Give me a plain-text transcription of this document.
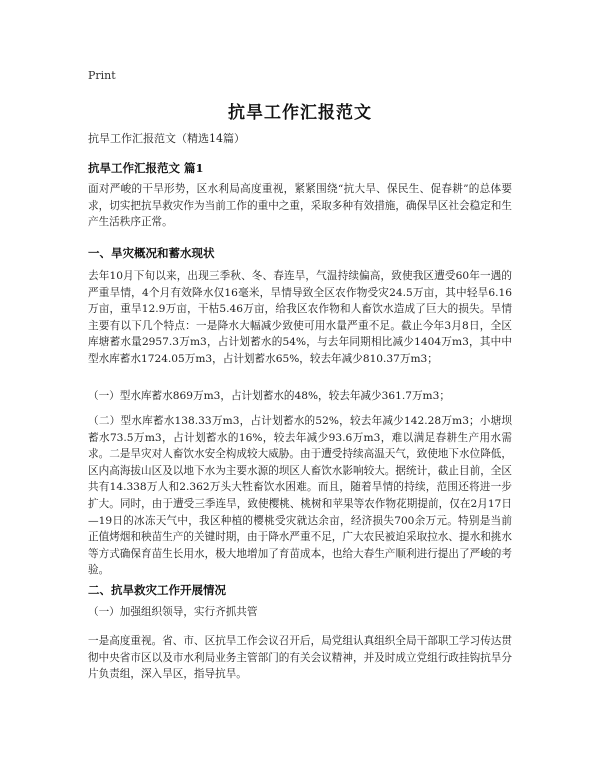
Print
抗旱工作汇报范文
抗旱工作汇报范文（精选14篇）
抗旱工作汇报范文 篇1
面对严峻的干旱形势，区水利局高度重视，紧紧围绕“抗大旱、保民生、促春耕”的总体要求，切实把抗旱救灾作为当前工作的重中之重，采取多种有效措施，确保旱区社会稳定和生产生活秩序正常。
一、旱灾概况和蓄水现状
去年10月下旬以来，出现三季秋、冬、春连旱，气温持续偏高，致使我区遭受60年一遇的严重旱情，4个月有效降水仅16毫米，旱情导致全区农作物受灾24.5万亩，其中轻旱6.16万亩，重旱12.9万亩，干枯5.46万亩，给我区农作物和人畜饮水造成了巨大的损失。旱情主要有以下几个特点：一是降水大幅减少致使可用水量严重不足。截止今年3月8日，全区库塘蓄水量2957.3万m3，占计划蓄水的54%，与去年同期相比减少1404万m3，其中中型水库蓄水1724.05万m3，占计划蓄水65%，较去年减少810.37万m3；
（一）型水库蓄水869万m3，占计划蓄水的48%，较去年减少361.7万m3；
（二）型水库蓄水138.33万m3，占计划蓄水的52%，较去年减少142.28万m3；小塘坝蓄水73.5万m3，占计划蓄水的16%，较去年减少93.6万m3，难以满足春耕生产用水需求。二是旱灾对人畜饮水安全构成较大威胁。由于遭受持续高温天气，致使地下水位降低，区内高海拔山区及以地下水为主要水源的坝区人畜饮水影响较大。据统计，截止目前，全区共有14.338万人和2.362万头大牲畜饮水困难。而且，随着旱情的持续，范围还将进一步扩大。同时，由于遭受三季连旱，致使樱桃、桃树和苹果等农作物花期提前，仅在2月17日—19日的冰冻天气中，我区种植的樱桃受灾就达余亩，经济损失700余万元。特别是当前正值烤烟和秧苗生产的关键时期，由于降水严重不足，广大农民被迫采取拉水、提水和挑水等方式确保育苗生长用水，极大地增加了育苗成本，也给大春生产顺利进行提出了严峻的考验。
二、抗旱救灾工作开展情况
（一）加强组织领导，实行齐抓共管
一是高度重视。省、市、区抗旱工作会议召开后，局党组认真组织全局干部职工学习传达贯彻中央省市区以及市水利局业务主管部门的有关会议精神，并及时成立党组行政挂钩抗旱分片负责组，深入旱区，指导抗旱。
